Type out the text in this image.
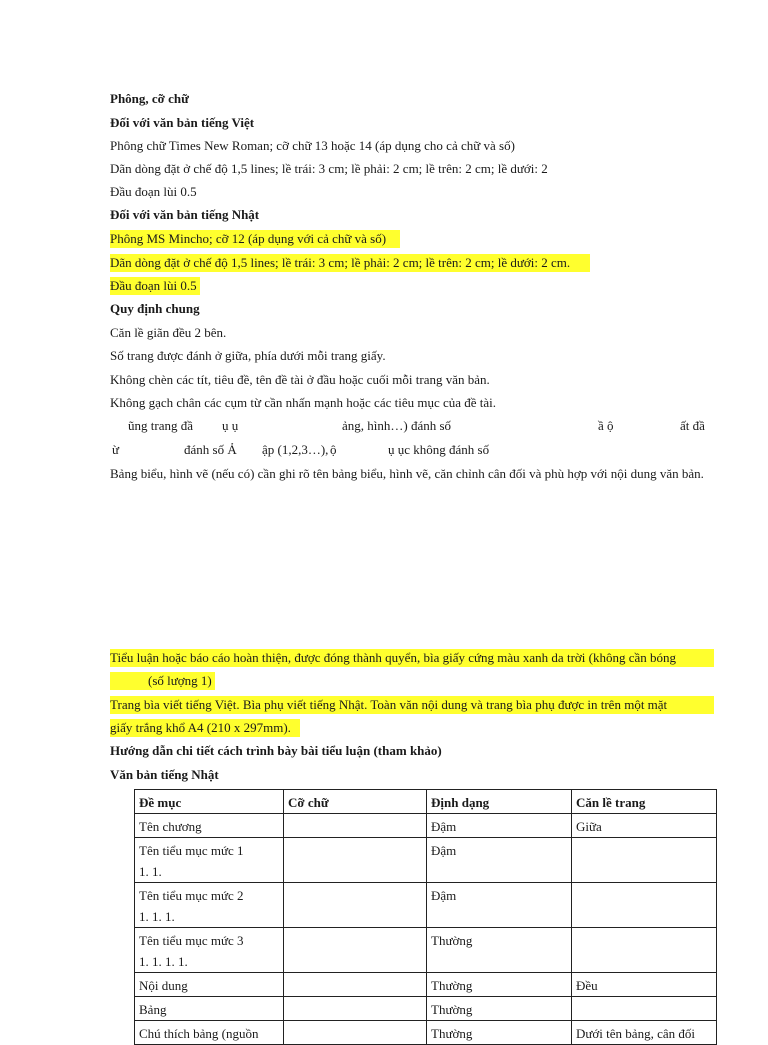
Phông, cỡ chữ
Đối với văn bản tiếng Việt
Phông chữ Times New Roman; cỡ chữ 13 hoặc 14 (áp dụng cho cả chữ và số)
Dãn dòng đặt ở chế độ 1,5 lines; lề trái: 3 cm; lề phải: 2 cm; lề trên: 2 cm; lề dưới: 2
Đầu đoạn lùi 0.5
Đối với văn bản tiếng Nhật
Phông MS Mincho; cỡ 12 (áp dụng với cả chữ và số)
Dãn dòng đặt ở chế độ 1,5 lines; lề trái: 3 cm; lề phải: 2 cm; lề trên: 2 cm; lề dưới: 2 cm.
Đầu đoạn lùi 0.5
Quy định chung
Căn lề giãn đều 2 bên.
Số trang được đánh ở giữa, phía dưới mỗi trang giấy.
Không chèn các tít, tiêu đề, tên đề tài ở đầu hoặc cuối mỗi trang văn bản.
Không gạch chân các cụm từ cần nhấn mạnh hoặc các tiêu mục của đề tài.
ũng trang đầ ụ ụ	ảng, hình…) đánh số	ầ ộ	ất đầ
ừ	đánh số Ả ập (1,2,3…), ộ	ụ ục không đánh số
Bảng biểu, hình vẽ (nếu có) cần ghi rõ tên bảng biểu, hình vẽ, căn chỉnh cân đối và phù hợp với nội dung văn bản.
Tiểu luận hoặc báo cáo hoàn thiện, được đóng thành quyển, bìa giấy cứng màu xanh da trời (không cần bóng
(số lượng 1)
Trang bìa viết tiếng Việt. Bìa phụ viết tiếng Nhật. Toàn văn nội dung và trang bìa phụ được in trên một mặt
giấy trắng khổ A4 (210 x 297mm).
Hướng dẫn chi tiết cách trình bày bài tiểu luận (tham khảo)
Văn bản tiếng Nhật
Đề mục	Cỡ chữ	Định dạng	Căn lề trang

Tên chương		Đậm	Giữa

Tên tiểu mục mức 1
1. 1.		Đậm	

Tên tiểu mục mức 2
1. 1. 1.		Đậm	

Tên tiểu mục mức 3
1. 1. 1. 1.		Thường	

Nội dung		Thường	Đều

Bảng		Thường	

Chú thích bảng (nguồn		Thường	Dưới tên bảng, cân đối
